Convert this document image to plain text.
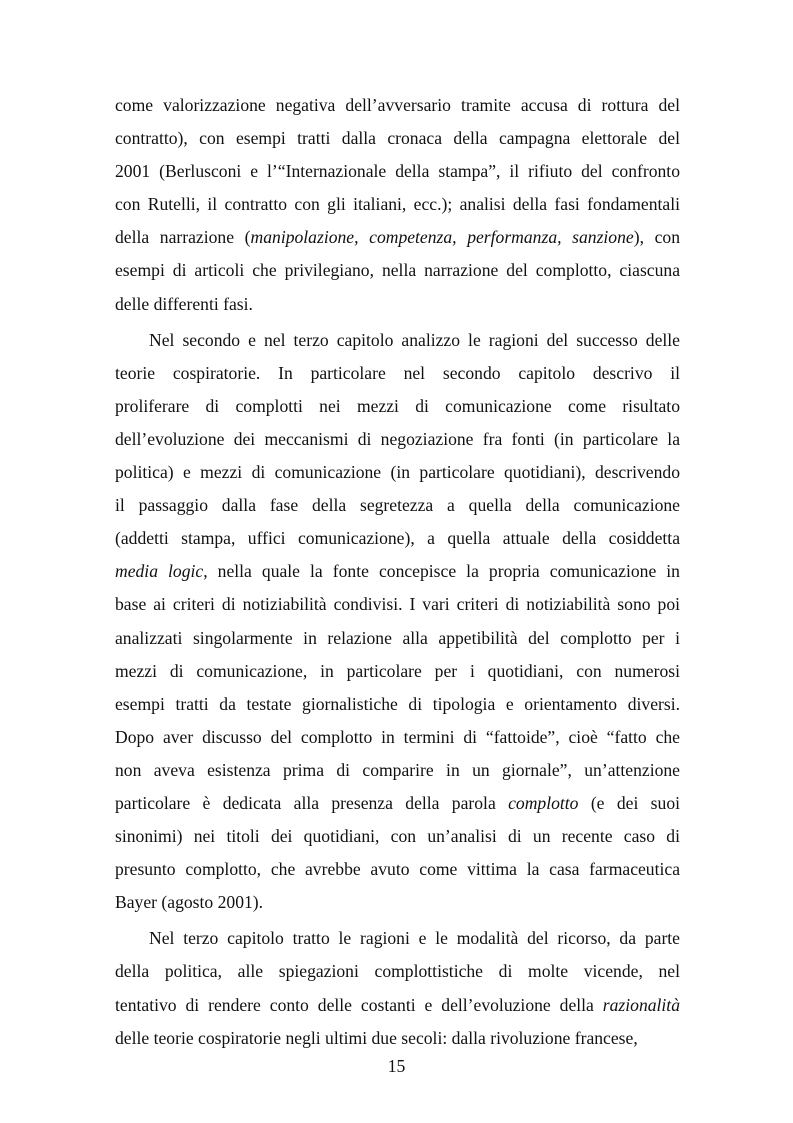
come valorizzazione negativa dell’avversario tramite accusa di rottura del
contratto), con esempi tratti dalla cronaca della campagna elettorale del
2001 (Berlusconi e l’“Internazionale della stampa”, il rifiuto del confronto
con Rutelli, il contratto con gli italiani, ecc.); analisi della fasi fondamentali
della narrazione (manipolazione, competenza, performanza, sanzione), con
esempi di articoli che privilegiano, nella narrazione del complotto, ciascuna
delle differenti fasi.
Nel secondo e nel terzo capitolo analizzo le ragioni del successo delle
teorie cospiratorie. In particolare nel secondo capitolo descrivo il
proliferare di complotti nei mezzi di comunicazione come risultato
dell’evoluzione dei meccanismi di negoziazione fra fonti (in particolare la
politica) e mezzi di comunicazione (in particolare quotidiani), descrivendo
il passaggio dalla fase della segretezza a quella della comunicazione
(addetti stampa, uffici comunicazione), a quella attuale della cosiddetta
media logic, nella quale la fonte concepisce la propria comunicazione in
base ai criteri di notiziabilità condivisi. I vari criteri di notiziabilità sono poi
analizzati singolarmente in relazione alla appetibilità del complotto per i
mezzi di comunicazione, in particolare per i quotidiani, con numerosi
esempi tratti da testate giornalistiche di tipologia e orientamento diversi.
Dopo aver discusso del complotto in termini di “fattoide”, cioè “fatto che
non aveva esistenza prima di comparire in un giornale”, un’attenzione
particolare è dedicata alla presenza della parola complotto (e dei suoi
sinonimi) nei titoli dei quotidiani, con un’analisi di un recente caso di
presunto complotto, che avrebbe avuto come vittima la casa farmaceutica
Bayer (agosto 2001).
Nel terzo capitolo tratto le ragioni e le modalità del ricorso, da parte
della politica, alle spiegazioni complottistiche di molte vicende, nel
tentativo di rendere conto delle costanti e dell’evoluzione della razionalità
delle teorie cospiratorie negli ultimi due secoli: dalla rivoluzione francese,
15
